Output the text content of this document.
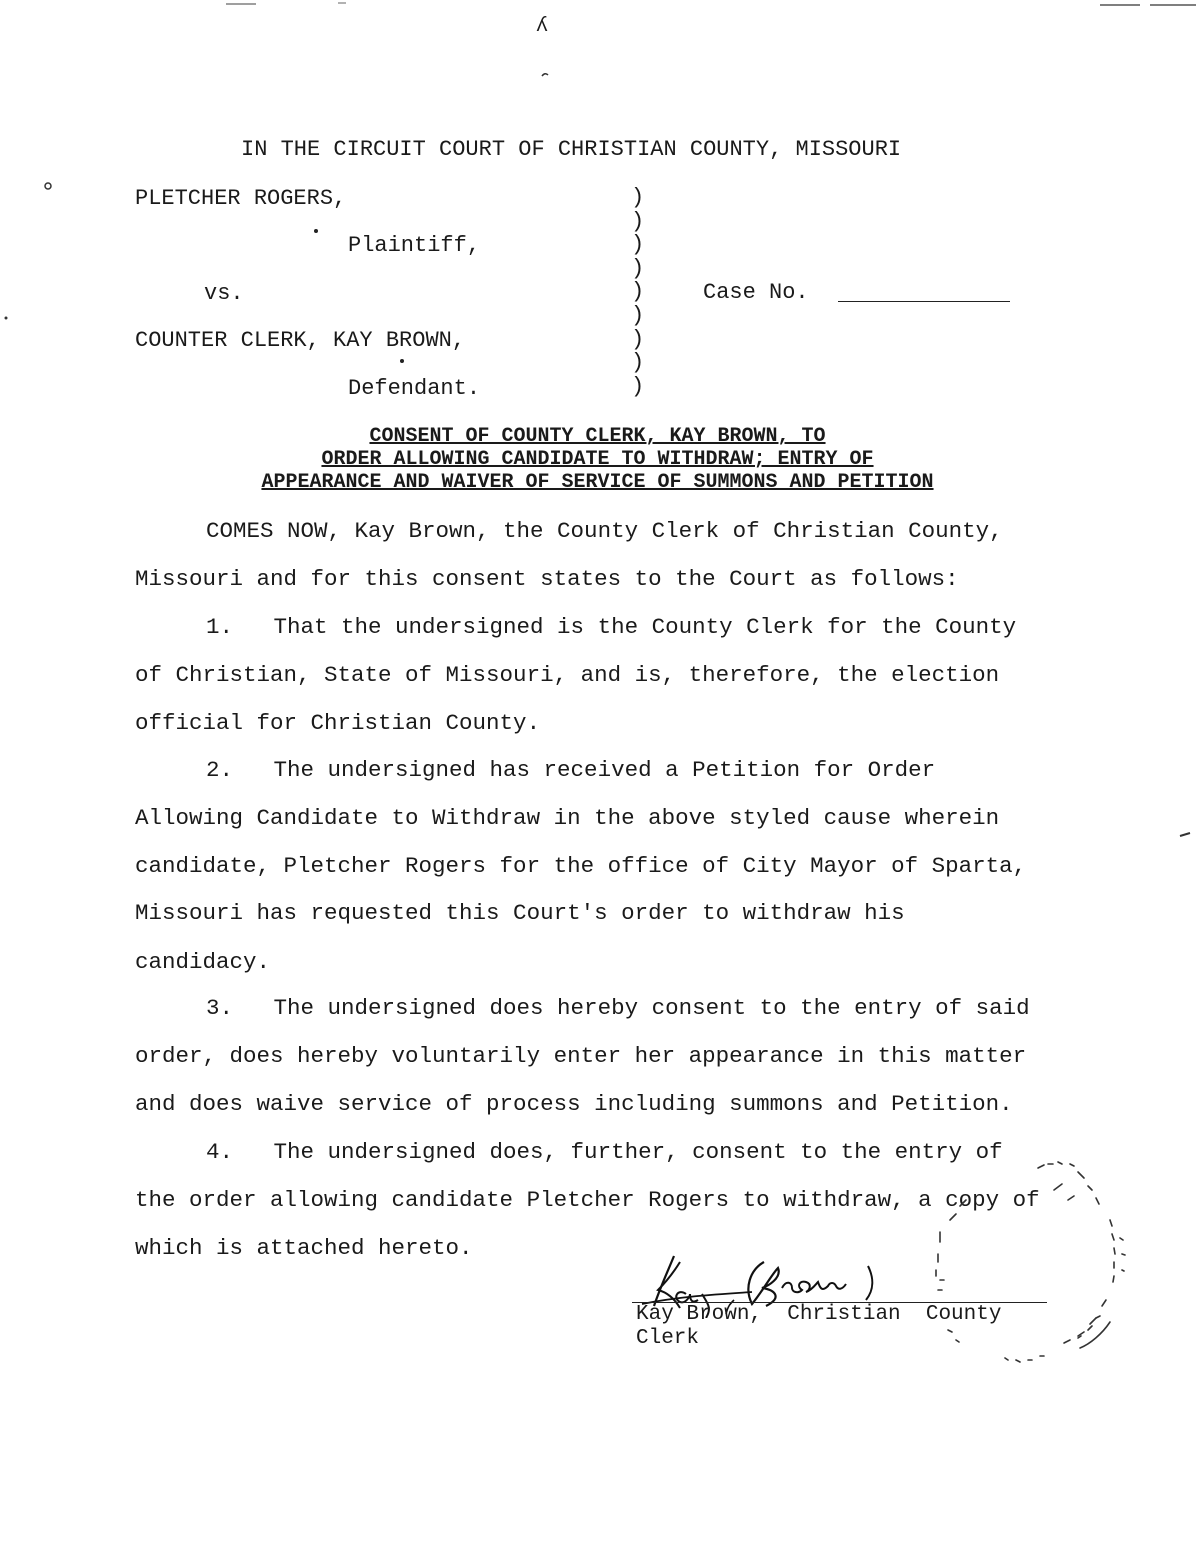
ʎ
IN THE CIRCUIT COURT OF CHRISTIAN COUNTY, MISSOURI
PLETCHER ROGERS,
Plaintiff,
vs.
COUNTER CLERK, KAY BROWN,
Defendant.
)
)
)
)
)
)
)
)
)
Case No.
CONSENT OF COUNTY CLERK, KAY BROWN, TO
ORDER ALLOWING CANDIDATE TO WITHDRAW; ENTRY OF
APPEARANCE AND WAIVER OF SERVICE OF SUMMONS AND PETITION
COMES NOW, Kay Brown, the County Clerk of Christian County,
Missouri and for this consent states to the Court as follows:
1.   That the undersigned is the County Clerk for the County
of Christian, State of Missouri, and is, therefore, the election
official for Christian County.
2.   The undersigned has received a Petition for Order
Allowing Candidate to Withdraw in the above styled cause wherein
candidate, Pletcher Rogers for the office of City Mayor of Sparta,
Missouri has requested this Court's order to withdraw his
candidacy.
3.   The undersigned does hereby consent to the entry of said
order, does hereby voluntarily enter her appearance in this matter
and does waive service of process including summons and Petition.
4.   The undersigned does, further, consent to the entry of
the order allowing candidate Pletcher Rogers to withdraw, a copy of
which is attached hereto.
Kay Brown,  Christian  County
Clerk
